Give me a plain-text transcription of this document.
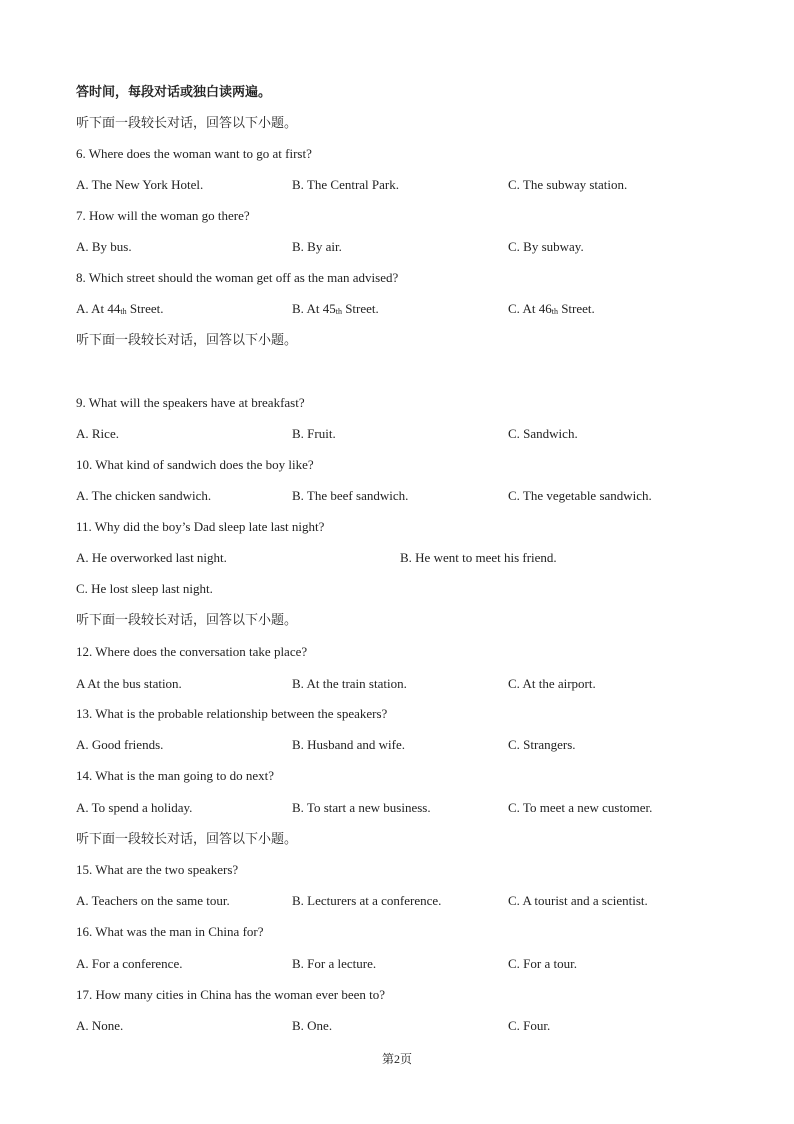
答时间，每段对话或独白读两遍。
听下面一段较长对话，回答以下小题。
6. Where does the woman want to go at first?
A. The New York Hotel.	B. The Central Park.	C. The subway station.
7. How will the woman go there?
A. By bus.	B. By air.	C. By subway.
8. Which street should the woman get off as the man advised?
A. At 44th Street.	B. At 45th Street.	C. At 46th Street.
听下面一段较长对话，回答以下小题。
9. What will the speakers have at breakfast?
A. Rice.	B. Fruit.	C. Sandwich.
10. What kind of sandwich does the boy like?
A. The chicken sandwich.	B. The beef sandwich.	C. The vegetable sandwich.
11. Why did the boy’s Dad sleep late last night?
A. He overworked last night.	B. He went to meet his friend.
C. He lost sleep last night.
听下面一段较长对话，回答以下小题。
12. Where does the conversation take place?
A At the bus station.	B. At the train station.	C. At the airport.
13. What is the probable relationship between the speakers?
A. Good friends.	B. Husband and wife.	C. Strangers.
14. What is the man going to do next?
A. To spend a holiday.	B. To start a new business.	C. To meet a new customer.
听下面一段较长对话，回答以下小题。
15. What are the two speakers?
A. Teachers on the same tour.	B. Lecturers at a conference.	C. A tourist and a scientist.
16. What was the man in China for?
A. For a conference.	B. For a lecture.	C. For a tour.
17. How many cities in China has the woman ever been to?
A. None.	B. One.	C. Four.
第2页
